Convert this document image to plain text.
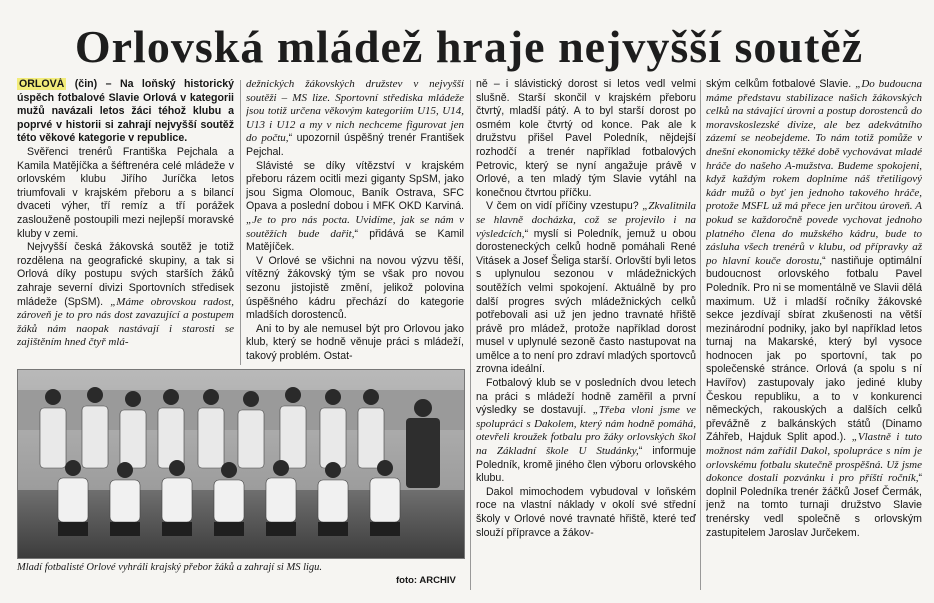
Orlovská mládež hraje nejvyšší soutěž

ORLOVÁ (čin) – Na loňský historický úspěch fotbalové Slavie Orlová v kategorii mužů navázali letos žáci téhož klubu a poprvé v historii si zahrají nejvyšší soutěž této věkové kategorie v republice.

Svěřenci trenérů Františka Pejchala a Kamila Matějíčka a šéftrenéra celé mládeže v orlovském klubu Jiřího Juríčka letos triumfovali v krajském přeboru a s bilancí dvaceti výher, tří remíz a tří porážek zaslouženě postoupili mezi nejlepší moravské kluby v zemi.

Nejvyšší česká žákovská soutěž je totiž rozdělena na geografické skupiny, a tak si Orlová díky postupu svých starších žáků zahraje severní divizi Sportovních středisek mládeže (SpSM). „Máme obrovskou radost, zároveň je to pro nás dost zavazující a postupem žáků nám naopak nastávají i starosti se zajištěním hned čtyř mlá-

dežnických žákovských družstev v nejvyšší soutěži – MS lize. Sportovní střediska mládeže jsou totiž určena věkovým kategoriím U15, U14, U13 i U12 a my v nich nechceme figurovat jen do počtu,“ upozornil úspěšný trenér František Pejchal.

Slávisté se díky vítězství v krajském přeboru rázem ocitli mezi giganty SpSM, jako jsou Sigma Olomouc, Baník Ostrava, SFC Opava a poslední dobou i MFK OKD Karviná. „Je to pro nás pocta. Uvidíme, jak se nám v soutěžích bude dařit,“ přidává se Kamil Matějíček.

V Orlové se všichni na novou výzvu těší, vítězný žákovský tým se však pro novou sezonu jistojistě změní, jelikož polovina úspěšného kádru přechází do kategorie mladších dorostenců.

Ani to by ale nemusel být pro Orlovou jako klub, který se hodně věnuje práci s mládeží, takový problém. Ostat-

Mladí fotbalisté Orlové vyhráli krajský přebor žáků a zahrají si MS ligu.
foto: ARCHIV

ně – i slávistický dorost si letos vedl velmi slušně. Starší skončil v krajském přeboru čtvrtý, mladší pátý. A to byl starší dorost po osmém kole čtvrtý od konce. Pak ale k družstvu přišel Pavel Poledník, nějdejší rozhodčí a trenér například fotbalových Petrovic, který se nyní angažuje právě v Orlové, a ten mladý tým Slavie vytáhl na konečnou čtvrtou příčku.

V čem on vidí příčiny vzestupu? „Zkvalitnila se hlavně docházka, což se projevilo i na výsledcích,“ myslí si Poledník, jemuž u obou dorosteneckých celků hodně pomáhali René Vitásek a Josef Šeliga starší. Orlovští byli letos s uplynulou sezonou v mládežnických soutěžích velmi spokojení. Aktuálně by pro další progres svých mládežnických celků potřebovali asi už jen jedno travnaté hřiště právě pro mládež, protože například dorost musel v uplynulé sezoně často nastupovat na umělce a to není pro zdraví mladých sportovců zrovna ideální.

Fotbalový klub se v posledních dvou letech na práci s mládeží hodně zaměřil a první výsledky se dostavují. „Třeba vloni jsme ve spolupráci s Dakolem, který nám hodně pomáhá, otevřeli kroužek fotbalu pro žáky orlovských škol na Základní škole U Studánky,“ informuje Poledník, kromě jiného člen výboru orlovského klubu.

Dakol mimochodem vybudoval v loňském roce na vlastní náklady v okolí své střední školy v Orlové nové travnaté hřiště, které teď slouží přípravce a žákov-

ským celkům fotbalové Slavie. „Do budoucna máme představu stabilizace našich žákovských celků na stávající úrovni a postup dorostenců do moravskoslezské divize, ale bez adekvátního zázemí se neobejdeme. To nám totiž pomůže v dnešní ekonomicky těžké době vychovávat mladé hráče do našeho A-mužstva. Budeme spokojeni, když každým rokem doplníme náš třetiligový kádr mužů o byť jen jednoho takového hráče, protože MSFL už má přece jen určitou úroveň. A pokud se každoročně povede vychovat jednoho platného člena do mužského kádru, bude to zásluha všech trenérů v klubu, od přípravky až po hlavní kouče dorostu,“ nastiňuje optimální budoucnost orlovského fotbalu Pavel Poledník. Pro ni se momentálně ve Slavii dělá maximum. Už i mladší ročníky žákovské sekce jezdívají sbírat zkušenosti na větší mezinárodní podniky, jako byl například letos turnaj na Makarské, který byl vysoce hodnocen jak po sportovní, tak po společenské stránce. Orlová (a spolu s ní Havířov) zastupovaly jako jediné kluby Českou republiku, a to v konkurenci německých, rakouských a dalších celků převážně z balkánských států (Dinamo Záhřeb, Hajduk Split apod.). „Vlastně i tuto možnost nám zařídil Dakol, spolupráce s ním je orlovskému fotbalu skutečně prospěšná. Už jsme dokonce dostali pozvánku i pro příští ročník,“ doplnil Poledníka trenér žáčků Josef Čermák, jenž na tomto turnaji družstvo Slavie trenérsky vedl společně s orlovským zastupitelem Jaroslav Jurčekem.
